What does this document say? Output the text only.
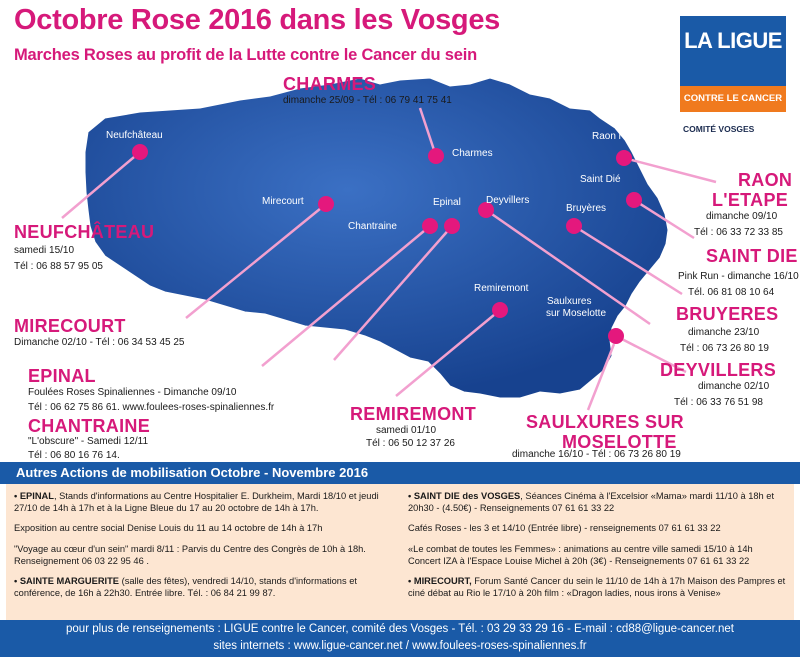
Octobre Rose 2016 dans les Vosges
Marches Roses au profit de la Lutte contre le Cancer du sein
LA LIGUE
CONTRE LE CANCER
COMITÉ VOSGES
Neufchâteau
Charmes
Raon l'étape
Saint Dié
Mirecourt
Chantraine
Epinal	Deyvillers
Bruyères
Remiremont
Saulxures
sur Moselotte
CHARMES
dimanche 25/09 - Tél : 06 79 41 75 41
NEUFCHÂTEAU
samedi 15/10
Tél : 06 88 57 95 05
MIRECOURT
Dimanche 02/10 - Tél : 06 34 53 45 25
EPINAL
Foulées Roses Spinaliennes - Dimanche 09/10
Tél : 06 62 75 86 61. www.foulees-roses-spinaliennes.fr
CHANTRAINE
"L'obscure" - Samedi 12/11
Tél : 06 80 16 76 14.
REMIREMONT
samedi 01/10
Tél : 06 50 12 37 26
SAULXURES SUR
MOSELOTTE
dimanche 16/10 - Tél : 06 73 26 80 19
RAON
L'ETAPE
dimanche 09/10
Tél : 06 33 72 33 85
SAINT DIE
Pink Run - dimanche 16/10
Tél. 06 81 08 10 64
BRUYERES
dimanche 23/10
Tél : 06 73 26 80 19
DEYVILLERS
dimanche 02/10
Tél : 06 33 76 51 98
Autres Actions de mobilisation Octobre - Novembre 2016

• EPINAL, Stands d'informations au Centre Hospitalier E. Durkheim, Mardi 18/10 et jeudi 27/10 de 14h à 17h et à la Ligne Bleue du 17 au 20 octobre de 14h à 17h.

Exposition au centre social Denise Louis du 11 au 14 octobre de 14h à 17h

"Voyage au cœur d'un sein" mardi 8/11 : Parvis du Centre des Congrès de 10h à 18h. Renseignement 06 03 22 95 46 .

• SAINTE MARGUERITE (salle des fêtes), vendredi 14/10, stands d'informations et conférence, de 16h à 22h30. Entrée libre. Tél. : 06 84 21 99 87.

• SAINT DIE des VOSGES, Séances Cinéma à l'Excelsior «Mama» mardi 11/10 à 18h et 20h30 - (4.50€) - Renseignements 07 61 61 33 22

Cafés Roses - les 3 et 14/10 (Entrée libre) - renseignements 07 61 61 33 22

«Le combat de toutes les Femmes» : animations au centre ville samedi 15/10 à 14h Concert IZA à l'Espace Louise Michel à 20h (3€) - Renseignements 07 61 61 33 22

• MIRECOURT, Forum Santé Cancer du sein le 11/10 de 14h à 17h Maison des Pampres et ciné débat au Rio le 17/10 à 20h film : «Dragon ladies, nous irons à Venise»

pour plus de renseignements : LIGUE contre le Cancer, comité des Vosges - Tél. : 03 29 33 29 16 - E-mail : cd88@ligue-cancer.net
sites internets : www.ligue-cancer.net / www.foulees-roses-spinaliennes.fr
